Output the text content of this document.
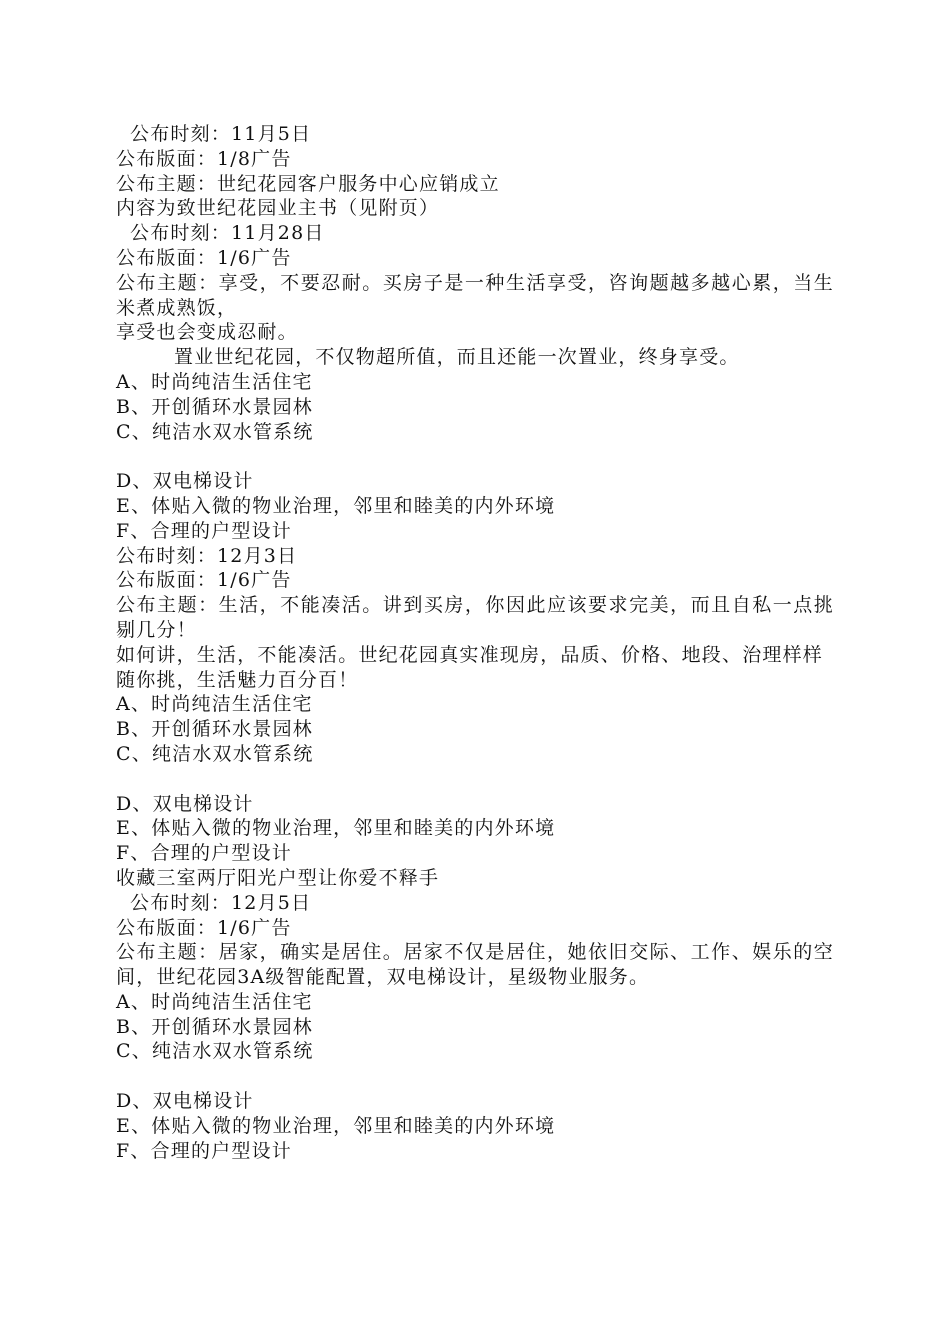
公布时刻：11月5日
公布版面：1/8广告
公布主题：世纪花园客户服务中心应销成立
内容为致世纪花园业主书（见附页）
公布时刻：11月28日
公布版面：1/6广告
公布主题：享受，不要忍耐。买房子是一种生活享受，咨询题越多越心累，当生米煮成熟饭，
享受也会变成忍耐。
置业世纪花园，不仅物超所值，而且还能一次置业，终身享受。
A、时尚纯洁生活住宅
B、开创循环水景园林
C、纯洁水双水管系统
D、双电梯设计
E、体贴入微的物业治理，邻里和睦美的内外环境
F、合理的户型设计
公布时刻：12月3日
公布版面：1/6广告
公布主题：生活，不能凑活。讲到买房，你因此应该要求完美，而且自私一点挑剔几分！
如何讲，生活，不能凑活。世纪花园真实准现房，品质、价格、地段、治理样样
随你挑，生活魅力百分百！
A、时尚纯洁生活住宅
B、开创循环水景园林
C、纯洁水双水管系统
D、双电梯设计
E、体贴入微的物业治理，邻里和睦美的内外环境
F、合理的户型设计
收藏三室两厅阳光户型让你爱不释手
公布时刻：12月5日
公布版面：1/6广告
公布主题：居家，确实是居住。居家不仅是居住，她依旧交际、工作、娱乐的空间，世纪花园3A级智能配置，双电梯设计，星级物业服务。
A、时尚纯洁生活住宅
B、开创循环水景园林
C、纯洁水双水管系统
D、双电梯设计
E、体贴入微的物业治理，邻里和睦美的内外环境
F、合理的户型设计
